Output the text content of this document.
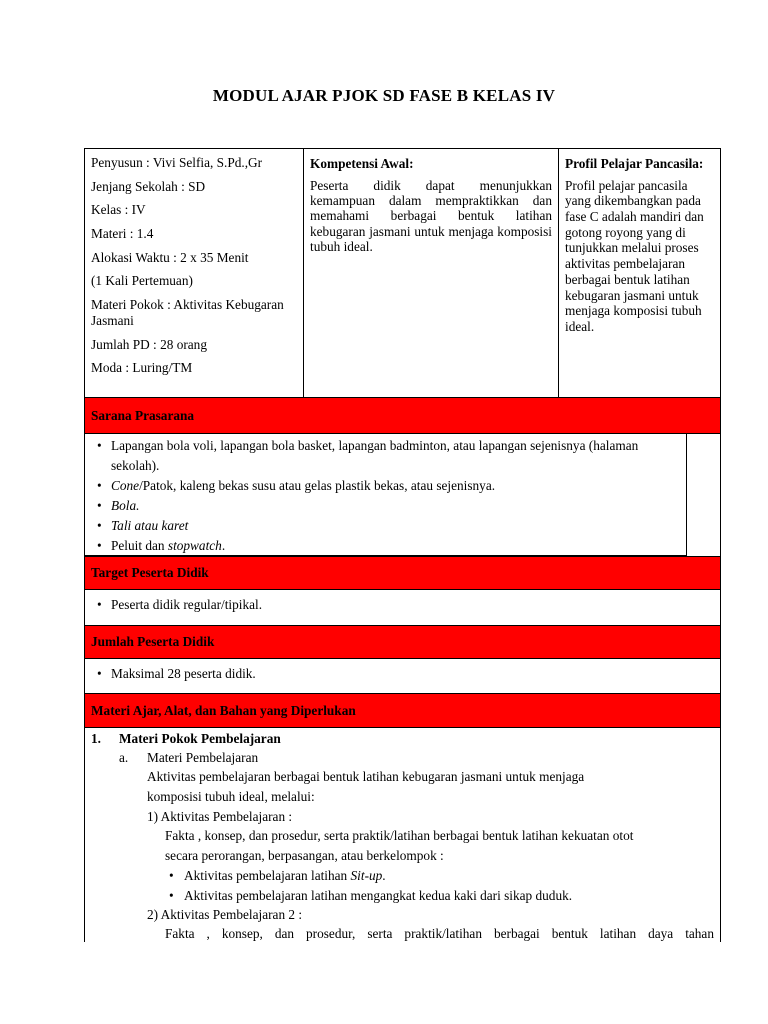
MODUL AJAR PJOK SD FASE B KELAS IV

Penyusun : Vivi Selfia, S.Pd.,Gr

Jenjang Sekolah : SD

Kelas : IV

Materi : 1.4

Alokasi Waktu : 2 x 35 Menit

(1 Kali Pertemuan)

Materi Pokok : Aktivitas Kebugaran Jasmani

Jumlah PD : 28 orang

Moda : Luring/TM

Kompetensi Awal:

Peserta didik dapat menunjukkan kemampuan dalam mempraktikkan dan memahami berbagai bentuk latihan kebugaran jasmani untuk menjaga komposisi tubuh ideal.

Profil Pelajar Pancasila:

Profil pelajar pancasila yang dikembangkan pada fase C adalah mandiri dan gotong royong yang di tunjukkan melalui proses aktivitas pembelajaran berbagai bentuk latihan kebugaran jasmani untuk menjaga komposisi tubuh ideal.

Sarana Prasarana
• Lapangan bola voli, lapangan bola basket, lapangan badminton, atau lapangan sejenisnya (halaman sekolah).
• Cone/Patok, kaleng bekas susu atau gelas plastik bekas, atau sejenisnya.
• Bola.
• Tali atau karet
• Peluit dan stopwatch.
Target Peserta Didik
• Peserta didik regular/tipikal.
Jumlah Peserta Didik
• Maksimal 28 peserta didik.
Materi Ajar, Alat, dan Bahan yang Diperlukan
1. Materi Pokok Pembelajaran
a. Materi Pembelajaran
Aktivitas pembelajaran berbagai bentuk latihan kebugaran jasmani untuk menjaga
komposisi tubuh ideal, melalui:
1) Aktivitas Pembelajaran :
Fakta , konsep, dan prosedur, serta praktik/latihan berbagai bentuk latihan kekuatan otot
secara perorangan, berpasangan, atau berkelompok :
• Aktivitas pembelajaran latihan Sit-up.
• Aktivitas pembelajaran latihan mengangkat kedua kaki dari sikap duduk.
2) Aktivitas Pembelajaran 2 :
Fakta , konsep, dan prosedur, serta praktik/latihan berbagai bentuk latihan daya tahan
